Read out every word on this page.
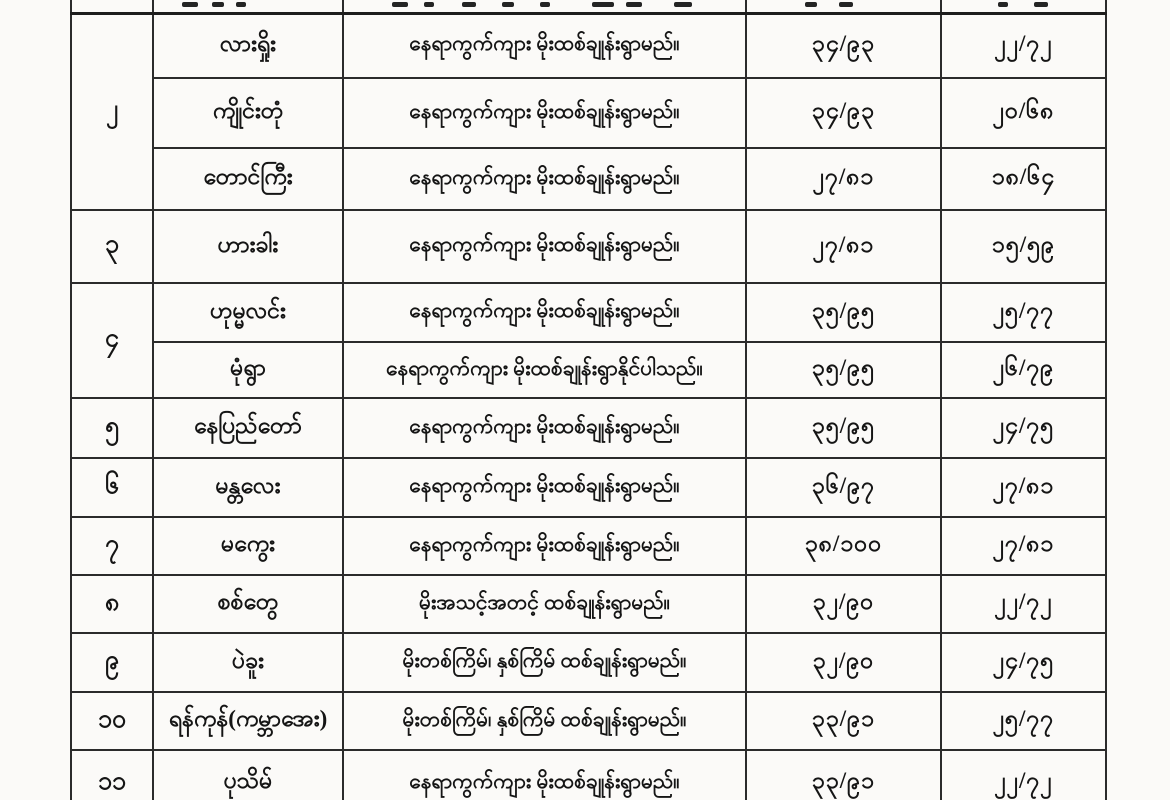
၂	လားရှိုး	နေရာကွက်ကျား မိုးထစ်ချုန်းရွာမည်။	၃၄/၉၃	၂၂/၇၂
	ကျိုင်းတုံ	နေရာကွက်ကျား မိုးထစ်ချုန်းရွာမည်။	၃၄/၉၃	၂၀/၆၈
	တောင်ကြီး	နေရာကွက်ကျား မိုးထစ်ချုန်းရွာမည်။	၂၇/၈၁	၁၈/၆၄
၃	ဟားခါး	နေရာကွက်ကျား မိုးထစ်ချုန်းရွာမည်။	၂၇/၈၁	၁၅/၅၉
၄	ဟုမ္မလင်း	နေရာကွက်ကျား မိုးထစ်ချုန်းရွာမည်။	၃၅/၉၅	၂၅/၇၇
	မုံရွာ	နေရာကွက်ကျား မိုးထစ်ချုန်းရွာနိုင်ပါသည်။	၃၅/၉၅	၂၆/၇၉
၅	နေပြည်တော်	နေရာကွက်ကျား မိုးထစ်ချုန်းရွာမည်။	၃၅/၉၅	၂၄/၇၅
၆	မန္တလေး	နေရာကွက်ကျား မိုးထစ်ချုန်းရွာမည်။	၃၆/၉၇	၂၇/၈၁
၇	မကွေး	နေရာကွက်ကျား မိုးထစ်ချုန်းရွာမည်။	၃၈/၁၀၀	၂၇/၈၁
၈	စစ်တွေ	မိုးအသင့်အတင့် ထစ်ချုန်းရွာမည်။	၃၂/၉၀	၂၂/၇၂
၉	ပဲခူး	မိုးတစ်ကြိမ်၊ နှစ်ကြိမ် ထစ်ချုန်းရွာမည်။	၃၂/၉၀	၂၄/၇၅
၁၀	ရန်ကုန်(ကမ္ဘာအေး)	မိုးတစ်ကြိမ်၊ နှစ်ကြိမ် ထစ်ချုန်းရွာမည်။	၃၃/၉၁	၂၅/၇၇
၁၁	ပုသိမ်	နေရာကွက်ကျား မိုးထစ်ချုန်းရွာမည်။	၃၃/၉၁	၂၂/၇၂
